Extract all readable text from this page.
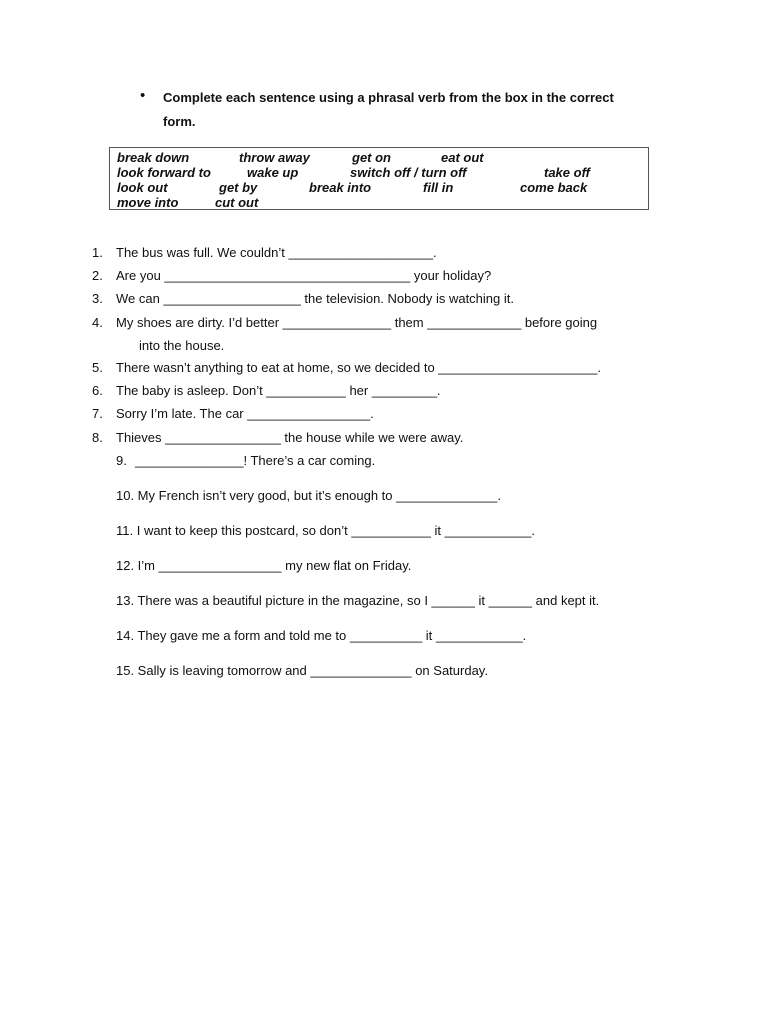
• Complete each sentence using a phrasal verb from the box in the correct form.
break down	throw away	get on	eat out
look forward to	wake up	switch off / turn off	take off
look out	get by	break into	fill in	come back
move into	cut out
1. The bus was full. We couldn’t ____________________.
2. Are you __________________________________ your holiday?
3. We can ___________________ the television. Nobody is watching it.
4. My shoes are dirty. I’d better _______________ them _____________ before going
into the house.
5. There wasn’t anything to eat at home, so we decided to ______________________.
6. The baby is asleep. Don’t ___________ her _________.
7. Sorry I’m late. The car _________________.
8. Thieves ________________ the house while we were away.
9. _______________! There’s a car coming.
10. My French isn’t very good, but it’s enough to ______________.
11. I want to keep this postcard, so don’t ___________ it ____________.
12. I’m _________________ my new flat on Friday.
13. There was a beautiful picture in the magazine, so I ______ it ______ and kept it.
14. They gave me a form and told me to __________ it ____________.
15. Sally is leaving tomorrow and ______________ on Saturday.
